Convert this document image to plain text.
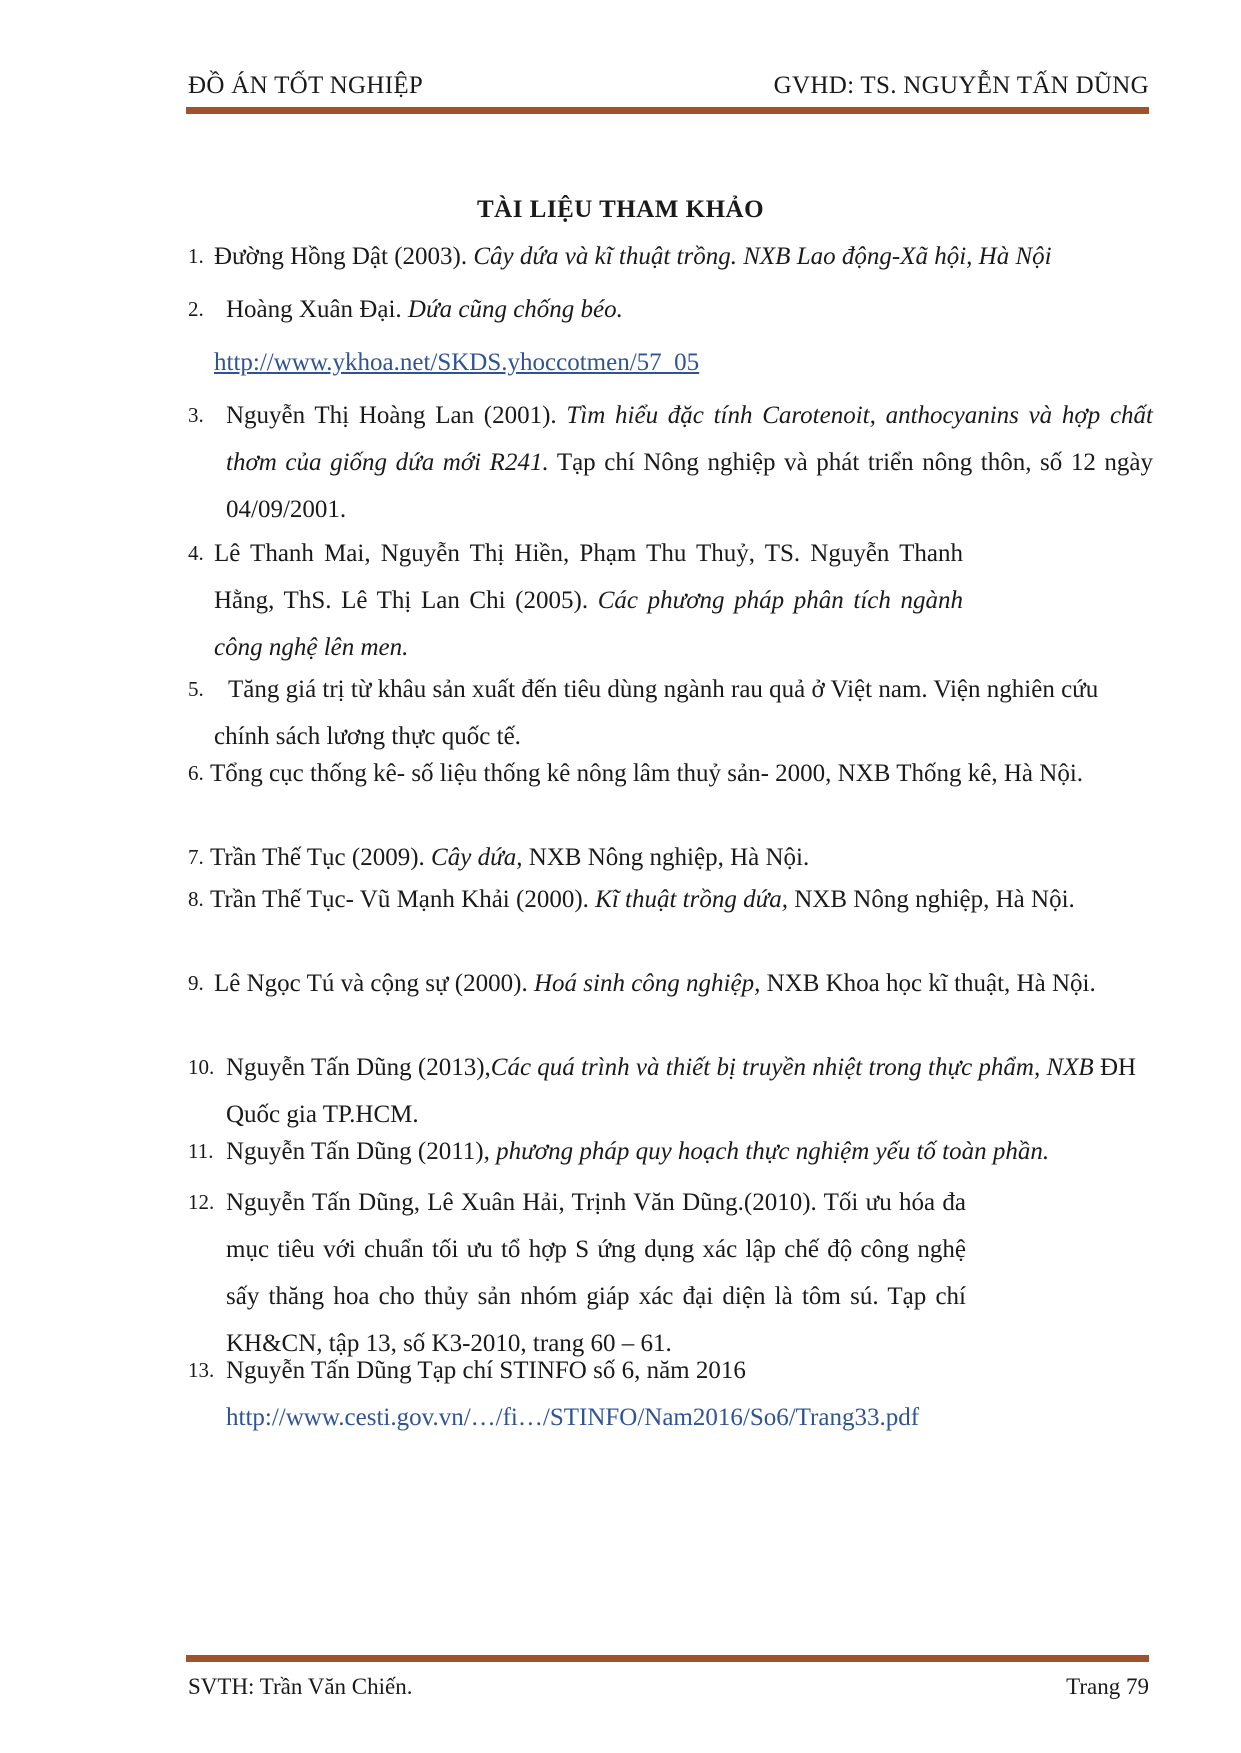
ĐỒ ÁN TỐT NGHIỆP	GVHD: TS. NGUYỄN TẤN DŨNG
TÀI LIỆU THAM KHẢO
1. Đường Hồng Dật (2003). Cây dứa và kĩ thuật trồng. NXB Lao động-Xã hội, Hà Nội
2. Hoàng Xuân Đại. Dứa cũng chống béo.
http://www.ykhoa.net/SKDS.yhoccotmen/57_05
3. Nguyễn Thị Hoàng Lan (2001). Tìm hiểu đặc tính Carotenoit, anthocyanins và hợp chất thơm của giống dứa mới R241. Tạp chí Nông nghiệp và phát triển nông thôn, số 12 ngày 04/09/2001.
4. Lê Thanh Mai, Nguyễn Thị Hiền, Phạm Thu Thuỷ, TS. Nguyễn Thanh Hằng, ThS. Lê Thị Lan Chi (2005). Các phương pháp phân tích ngành công nghệ lên men.
5. Tăng giá trị từ khâu sản xuất đến tiêu dùng ngành rau quả ở Việt nam. Viện nghiên cứu chính sách lương thực quốc tế.
6. Tổng cục thống kê- số liệu thống kê nông lâm thuỷ sản- 2000, NXB Thống kê, Hà Nội.
7. Trần Thế Tục (2009). Cây dứa, NXB Nông nghiệp, Hà Nội.
8. Trần Thế Tục- Vũ Mạnh Khải (2000). Kĩ thuật trồng dứa, NXB Nông nghiệp, Hà Nội.
9. Lê Ngọc Tú và cộng sự (2000). Hoá sinh công nghiệp, NXB Khoa học kĩ thuật, Hà Nội.
10. Nguyễn Tấn Dũng (2013),Các quá trình và thiết bị truyền nhiệt trong thực phẩm, NXB ĐH Quốc gia TP.HCM.
11. Nguyễn Tấn Dũng (2011), phương pháp quy hoạch thực nghiệm yếu tố toàn phần.
12. Nguyễn Tấn Dũng, Lê Xuân Hải, Trịnh Văn Dũng.(2010). Tối ưu hóa đa mục tiêu với chuẩn tối ưu tổ hợp S ứng dụng xác lập chế độ công nghệ sấy thăng hoa cho thủy sản nhóm giáp xác đại diện là tôm sú. Tạp chí KH&CN, tập 13, số K3-2010, trang 60 – 61.
13. Nguyễn Tấn Dũng Tạp chí STINFO số 6, năm 2016
http://www.cesti.gov.vn/…/fi…/STINFO/Nam2016/So6/Trang33.pdf
SVTH: Trần Văn Chiến.	Trang 79
